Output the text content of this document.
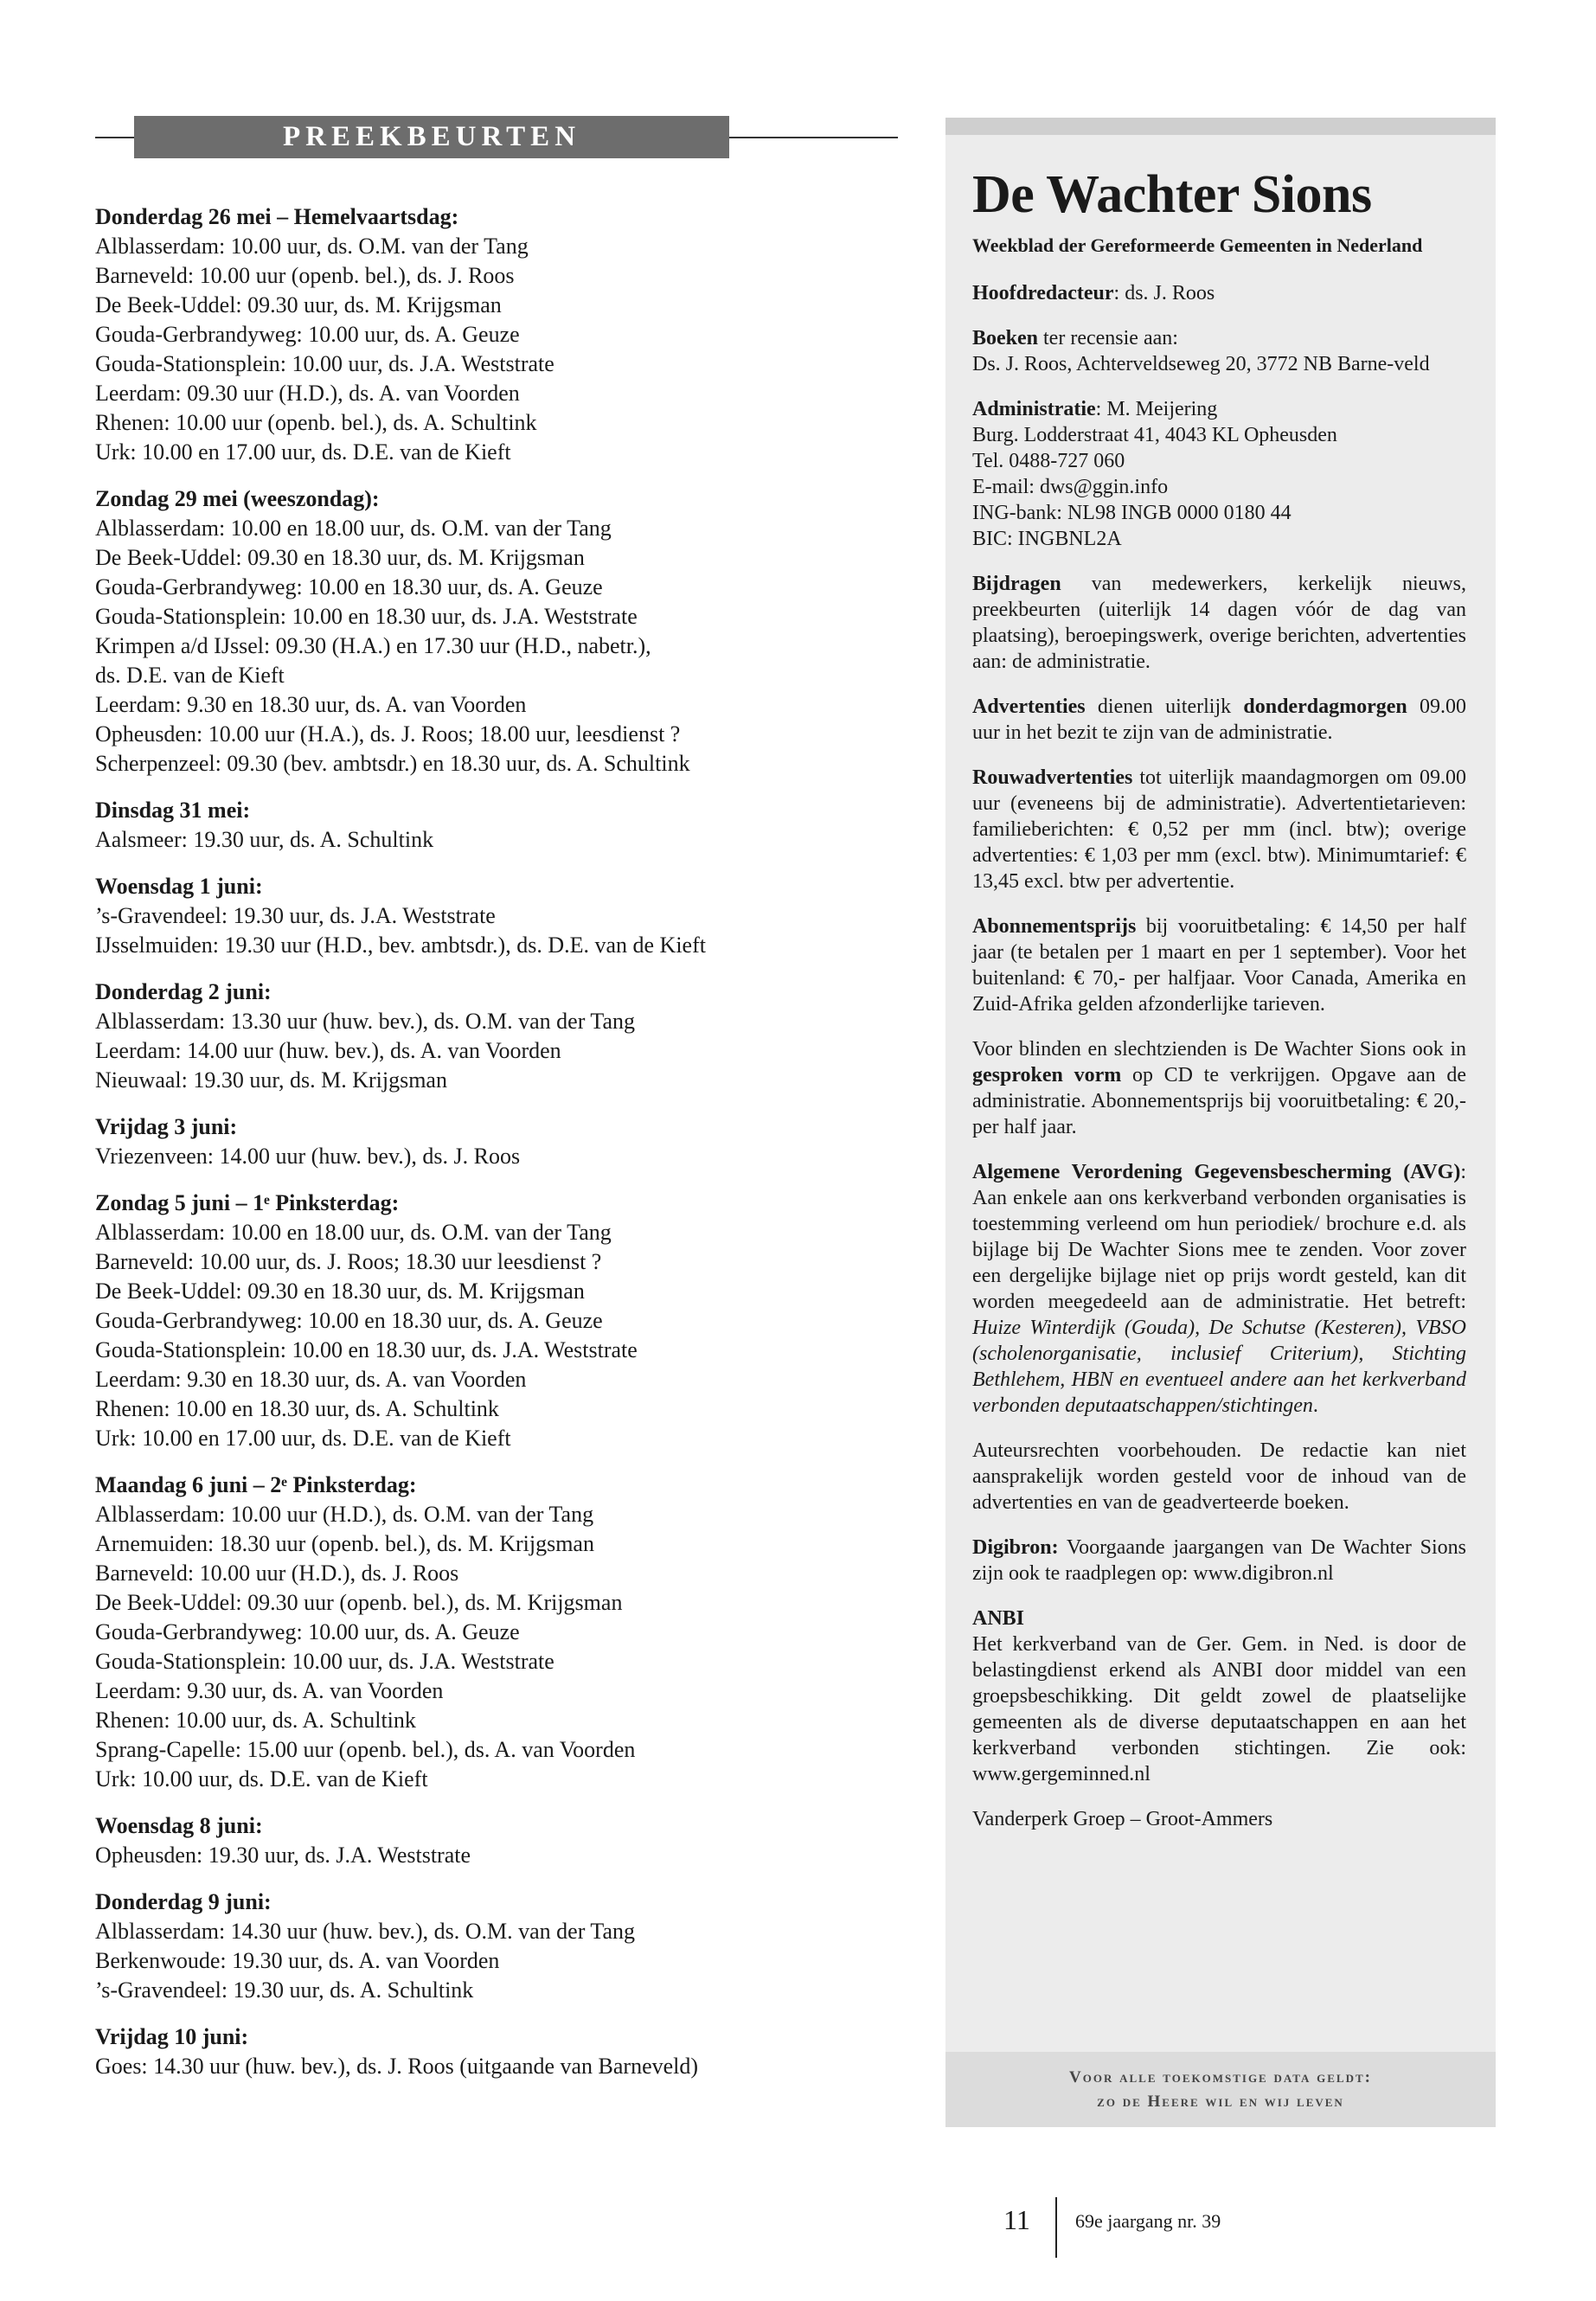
PREEKBEURTEN
Donderdag 26 mei – Hemelvaartsdag:
Alblasserdam: 10.00 uur, ds. O.M. van der Tang
Barneveld: 10.00 uur (openb. bel.), ds. J. Roos
De Beek-Uddel: 09.30 uur, ds. M. Krijgsman
Gouda-Gerbrandyweg: 10.00 uur, ds. A. Geuze
Gouda-Stationsplein: 10.00 uur, ds. J.A. Weststrate
Leerdam: 09.30 uur (H.D.), ds. A. van Voorden
Rhenen: 10.00 uur (openb. bel.), ds. A. Schultink
Urk: 10.00 en 17.00 uur, ds. D.E. van de Kieft
Zondag 29 mei (weeszondag):
Alblasserdam: 10.00 en 18.00 uur, ds. O.M. van der Tang
De Beek-Uddel: 09.30 en 18.30 uur, ds. M. Krijgsman
Gouda-Gerbrandyweg: 10.00 en 18.30 uur, ds. A. Geuze
Gouda-Stationsplein: 10.00 en 18.30 uur, ds. J.A. Weststrate
Krimpen a/d IJssel: 09.30 (H.A.) en 17.30 uur (H.D., nabetr.),
ds. D.E. van de Kieft
Leerdam: 9.30 en 18.30 uur, ds. A. van Voorden
Opheusden: 10.00 uur (H.A.), ds. J. Roos; 18.00 uur, leesdienst ?
Scherpenzeel: 09.30 (bev. ambtsdr.) en 18.30 uur, ds. A. Schultink
Dinsdag 31 mei:
Aalsmeer: 19.30 uur, ds. A. Schultink
Woensdag 1 juni:
’s-Gravendeel: 19.30 uur, ds. J.A. Weststrate
IJsselmuiden: 19.30 uur (H.D., bev. ambtsdr.), ds. D.E. van de Kieft
Donderdag 2 juni:
Alblasserdam: 13.30 uur (huw. bev.), ds. O.M. van der Tang
Leerdam: 14.00 uur (huw. bev.), ds. A. van Voorden
Nieuwaal: 19.30 uur, ds. M. Krijgsman
Vrijdag 3 juni:
Vriezenveen: 14.00 uur (huw. bev.), ds. J. Roos
Zondag 5 juni – 1ᵉ Pinksterdag:
Alblasserdam: 10.00 en 18.00 uur, ds. O.M. van der Tang
Barneveld: 10.00 uur, ds. J. Roos; 18.30 uur leesdienst ?
De Beek-Uddel: 09.30 en 18.30 uur, ds. M. Krijgsman
Gouda-Gerbrandyweg: 10.00 en 18.30 uur, ds. A. Geuze
Gouda-Stationsplein: 10.00 en 18.30 uur, ds. J.A. Weststrate
Leerdam: 9.30 en 18.30 uur, ds. A. van Voorden
Rhenen: 10.00 en 18.30 uur, ds. A. Schultink
Urk: 10.00 en 17.00 uur, ds. D.E. van de Kieft
Maandag 6 juni – 2ᵉ Pinksterdag:
Alblasserdam: 10.00 uur (H.D.), ds. O.M. van der Tang
Arnemuiden: 18.30 uur (openb. bel.), ds. M. Krijgsman
Barneveld: 10.00 uur (H.D.), ds. J. Roos
De Beek-Uddel: 09.30 uur (openb. bel.), ds. M. Krijgsman
Gouda-Gerbrandyweg: 10.00 uur, ds. A. Geuze
Gouda-Stationsplein: 10.00 uur, ds. J.A. Weststrate
Leerdam: 9.30 uur, ds. A. van Voorden
Rhenen: 10.00 uur, ds. A. Schultink
Sprang-Capelle: 15.00 uur (openb. bel.), ds. A. van Voorden
Urk: 10.00 uur, ds. D.E. van de Kieft
Woensdag 8 juni:
Opheusden: 19.30 uur, ds. J.A. Weststrate
Donderdag 9 juni:
Alblasserdam: 14.30 uur (huw. bev.), ds. O.M. van der Tang
Berkenwoude: 19.30 uur, ds. A. van Voorden
’s-Gravendeel: 19.30 uur, ds. A. Schultink
Vrijdag 10 juni:
Goes: 14.30 uur (huw. bev.), ds. J. Roos (uitgaande van Barneveld)
De Wachter Sions
Weekblad der Gereformeerde Gemeenten in Nederland
Hoofdredacteur: ds. J. Roos
Boeken ter recensie aan:
Ds. J. Roos, Achterveldseweg 20, 3772 NB Barne-veld
Administratie: M. Meijering
Burg. Lodderstraat 41, 4043 KL Opheusden
Tel. 0488-727 060
E-mail: dws@ggin.info
ING-bank: NL98 INGB 0000 0180 44
BIC: INGBNL2A
Bijdragen van medewerkers, kerkelijk nieuws, preekbeurten (uiterlijk 14 dagen vóór de dag van plaatsing), beroepingswerk, overige berichten, advertenties aan: de administratie.
Advertenties dienen uiterlijk donderdagmorgen 09.00 uur in het bezit te zijn van de administratie.
Rouwadvertenties tot uiterlijk maandagmorgen om 09.00 uur (eveneens bij de administratie). Advertentietarieven: familieberichten: € 0,52 per mm (incl. btw); overige advertenties: € 1,03 per mm (excl. btw). Minimumtarief: € 13,45 excl. btw per advertentie.
Abonnementsprijs bij vooruitbetaling: € 14,50 per half jaar (te betalen per 1 maart en per 1 september). Voor het buitenland: € 70,- per halfjaar. Voor Canada, Amerika en Zuid-Afrika gelden afzonderlijke tarieven.
Voor blinden en slechtzienden is De Wachter Sions ook in gesproken vorm op CD te verkrijgen. Opgave aan de administratie. Abonnementsprijs bij vooruitbetaling: € 20,- per half jaar.
Algemene Verordening Gegevensbescherming (AVG): Aan enkele aan ons kerkverband verbonden organisaties is toestemming verleend om hun periodiek/ brochure e.d. als bijlage bij De Wachter Sions mee te zenden. Voor zover een dergelijke bijlage niet op prijs wordt gesteld, kan dit worden meegedeeld aan de administratie. Het betreft: Huize Winterdijk (Gouda), De Schutse (Kesteren), VBSO (scholenorganisatie, inclusief Criterium), Stichting Bethlehem, HBN en eventueel andere aan het kerkverband verbonden deputaatschappen/stichtingen.
Auteursrechten voorbehouden. De redactie kan niet aansprakelijk worden gesteld voor de inhoud van de advertenties en van de geadverteerde boeken.
Digibron: Voorgaande jaargangen van De Wachter Sions zijn ook te raadplegen op: www.digibron.nl
ANBI
Het kerkverband van de Ger. Gem. in Ned. is door de belastingdienst erkend als ANBI door middel van een groepsbeschikking. Dit geldt zowel de plaatselijke gemeenten als de diverse deputaatschappen en aan het kerkverband verbonden stichtingen. Zie ook: www.gergeminned.nl
Vanderperk Groep – Groot-Ammers
Voor alle toekomstige data geldt:
zo de Heere wil en wij leven
11 69e jaargang nr. 39
